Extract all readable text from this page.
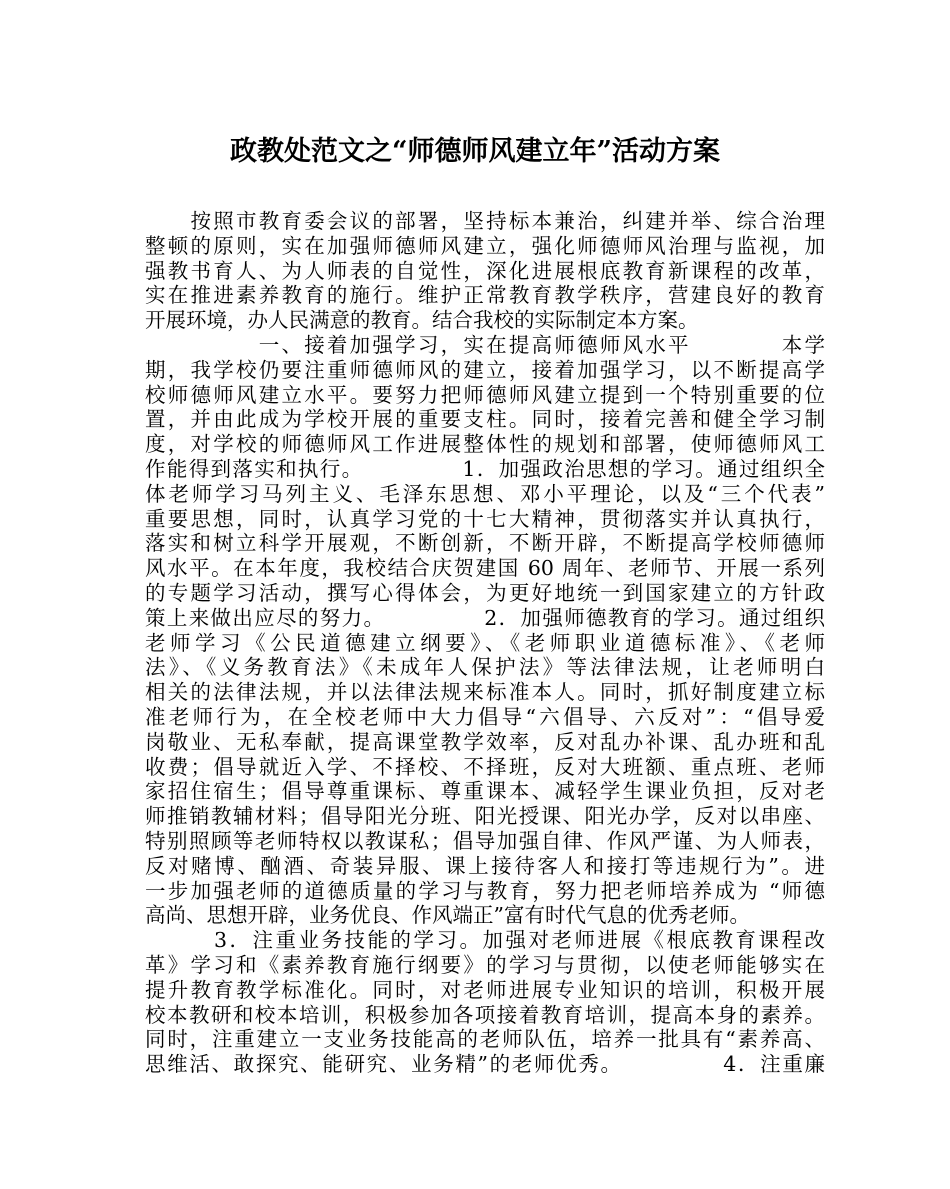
政教处范文之“师德师风建立年”活动方案
　　按照市教育委会议的部署，坚持标本兼治，纠建并举、综合治理
整顿的原则，实在加强师德师风建立，强化师德师风治理与监视，加
强教书育人、为人师表的自觉性，深化进展根底教育新课程的改革，
实在推进素养教育的施行。维护正常教育教学秩序，营建良好的教育
开展环境，办人民满意的教育。结合我校的实际制定本方案。
　　　　　一、接着加强学习，实在提高师德师风水平　　　　本学
期，我学校仍要注重师德师风的建立，接着加强学习，以不断提高学
校师德师风建立水平。要努力把师德师风建立提到一个特别重要的位
置，并由此成为学校开展的重要支柱。同时，接着完善和健全学习制
度，对学校的师德师风工作进展整体性的规划和部署，使师德师风工
作能得到落实和执行。　　　　　1．加强政治思想的学习。通过组织全
体老师学习马列主义、毛泽东思想、邓小平理论，以及“三个代表”
重要思想，同时，认真学习党的十七大精神，贯彻落实并认真执行，
落实和树立科学开展观，不断创新，不断开辟，不断提高学校师德师
风水平。在本年度，我校结合庆贺建国 60 周年、老师节、开展一系列
的专题学习活动，撰写心得体会，为更好地统一到国家建立的方针政
策上来做出应尽的努力。　　　　　2．加强师德教育的学习。通过组织
老师学习《公民道德建立纲要》、《老师职业道德标准》、《老师
法》、《义务教育法》《未成年人保护法》等法律法规，让老师明白
相关的法律法规，并以法律法规来标准本人。同时，抓好制度建立标
准老师行为，在全校老师中大力倡导“六倡导、六反对”：“倡导爱
岗敬业、无私奉献，提高课堂教学效率，反对乱办补课、乱办班和乱
收费；倡导就近入学、不择校、不择班，反对大班额、重点班、老师
家招住宿生；倡导尊重课标、尊重课本、减轻学生课业负担，反对老
师推销教辅材料；倡导阳光分班、阳光授课、阳光办学，反对以串座、
特别照顾等老师特权以教谋私；倡导加强自律、作风严谨、为人师表，
反对赌博、酗酒、奇装异服、课上接待客人和接打等违规行为”。进
一步加强老师的道德质量的学习与教育，努力把老师培养成为 “师德
高尚、思想开辟，业务优良、作风端正”富有时代气息的优秀老师。
　　　3．注重业务技能的学习。加强对老师进展《根底教育课程改
革》学习和《素养教育施行纲要》的学习与贯彻，以使老师能够实在
提升教育教学标准化。同时，对老师进展专业知识的培训，积极开展
校本教研和校本培训，积极参加各项接着教育培训，提高本身的素养。
同时，注重建立一支业务技能高的老师队伍，培养一批具有“素养高、
思维活、敢探究、能研究、业务精”的老师优秀。　　　　　4．注重廉
